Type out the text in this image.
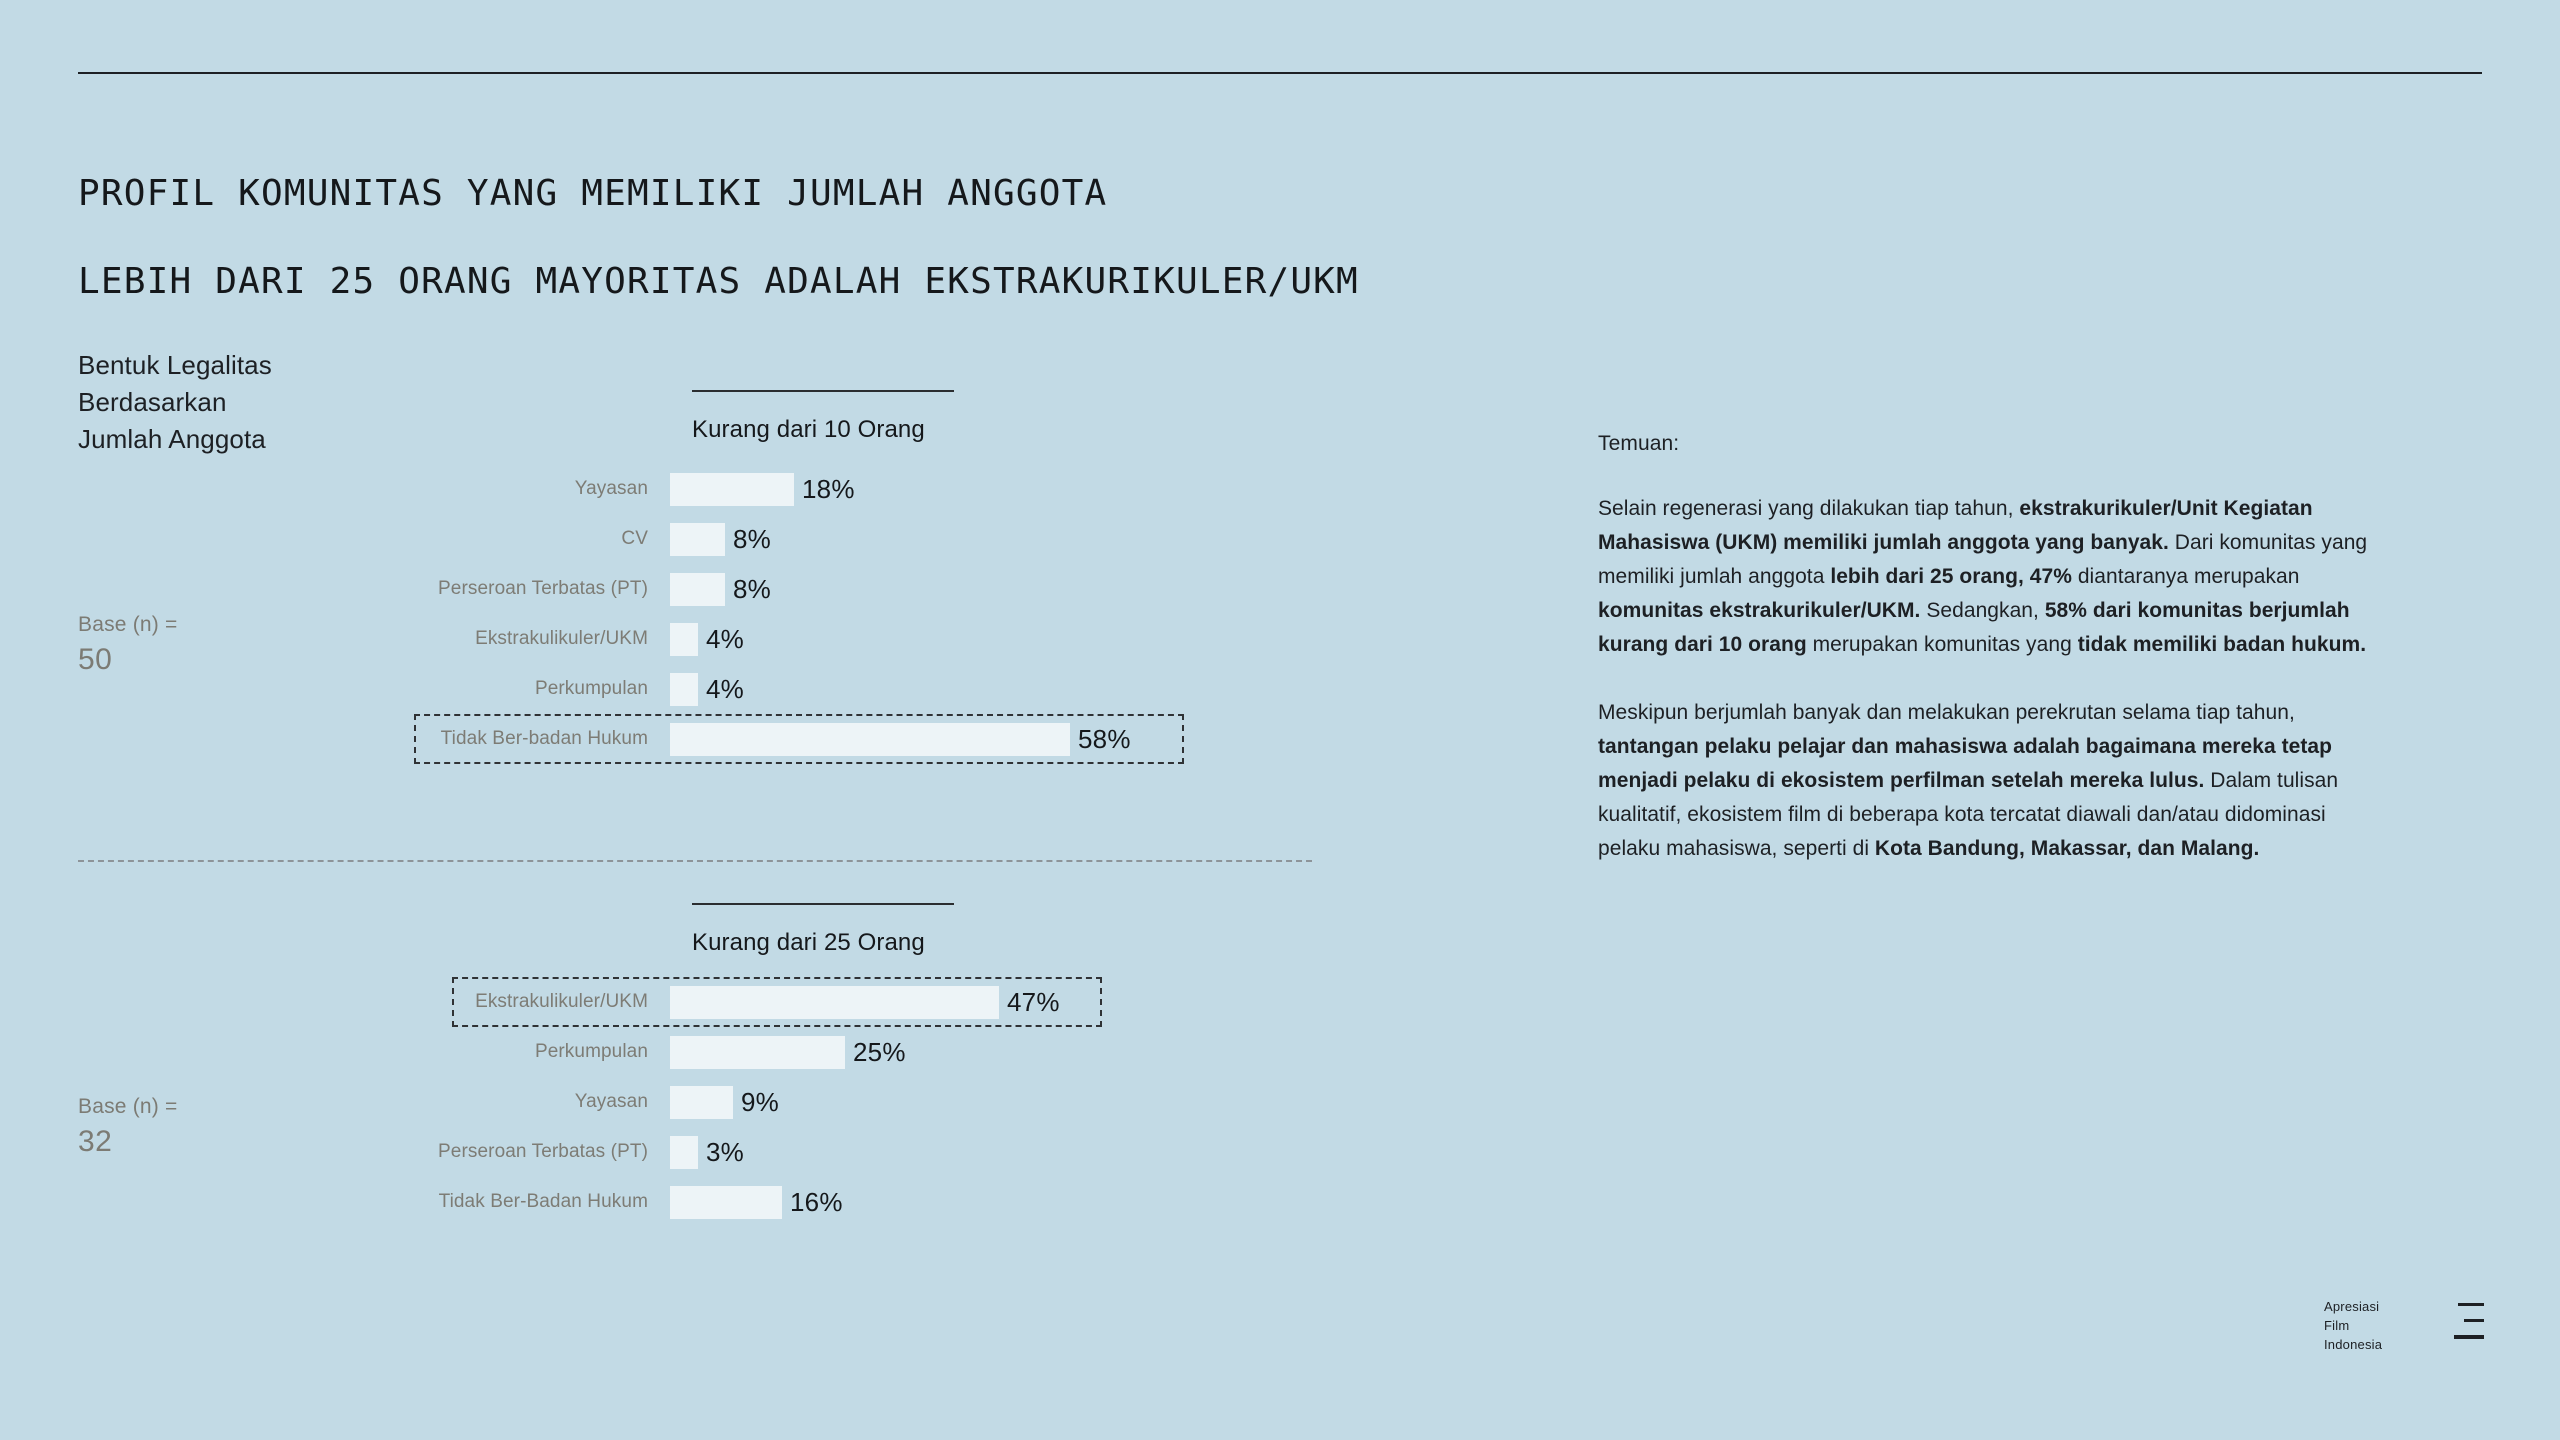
PROFIL KOMUNITAS YANG MEMILIKI JUMLAH ANGGOTA

LEBIH DARI 25 ORANG MAYORITAS ADALAH EKSTRAKURIKULER/UKM

Bentuk Legalitas
Berdasarkan
Jumlah Anggota
Base (n) =
50
Base (n) =
32
Kurang dari 10 Orang
Yayasan	18%
CV	8%
Perseroan Terbatas (PT)	8%
Ekstrakulikuler/UKM	4%
Perkumpulan	4%
Tidak Ber-badan Hukum	58%
Kurang dari 25 Orang
Ekstrakulikuler/UKM	47%
Perkumpulan	25%
Yayasan	9%
Perseroan Terbatas (PT)	3%
Tidak Ber-Badan Hukum	16%
Temuan:

Selain regenerasi yang dilakukan tiap tahun, ekstrakurikuler/Unit Kegiatan Mahasiswa (UKM) memiliki jumlah anggota yang banyak. Dari komunitas yang memiliki jumlah anggota lebih dari 25 orang, 47% diantaranya merupakan komunitas ekstrakurikuler/UKM. Sedangkan, 58% dari komunitas berjumlah kurang dari 10 orang merupakan komunitas yang tidak memiliki badan hukum.

Meskipun berjumlah banyak dan melakukan perekrutan selama tiap tahun, tantangan pelaku pelajar dan mahasiswa adalah bagaimana mereka tetap menjadi pelaku di ekosistem perfilman setelah mereka lulus. Dalam tulisan kualitatif, ekosistem film di beberapa kota tercatat diawali dan/atau didominasi pelaku mahasiswa, seperti di Kota Bandung, Makassar, dan Malang.

Apresiasi
Film
Indonesia
